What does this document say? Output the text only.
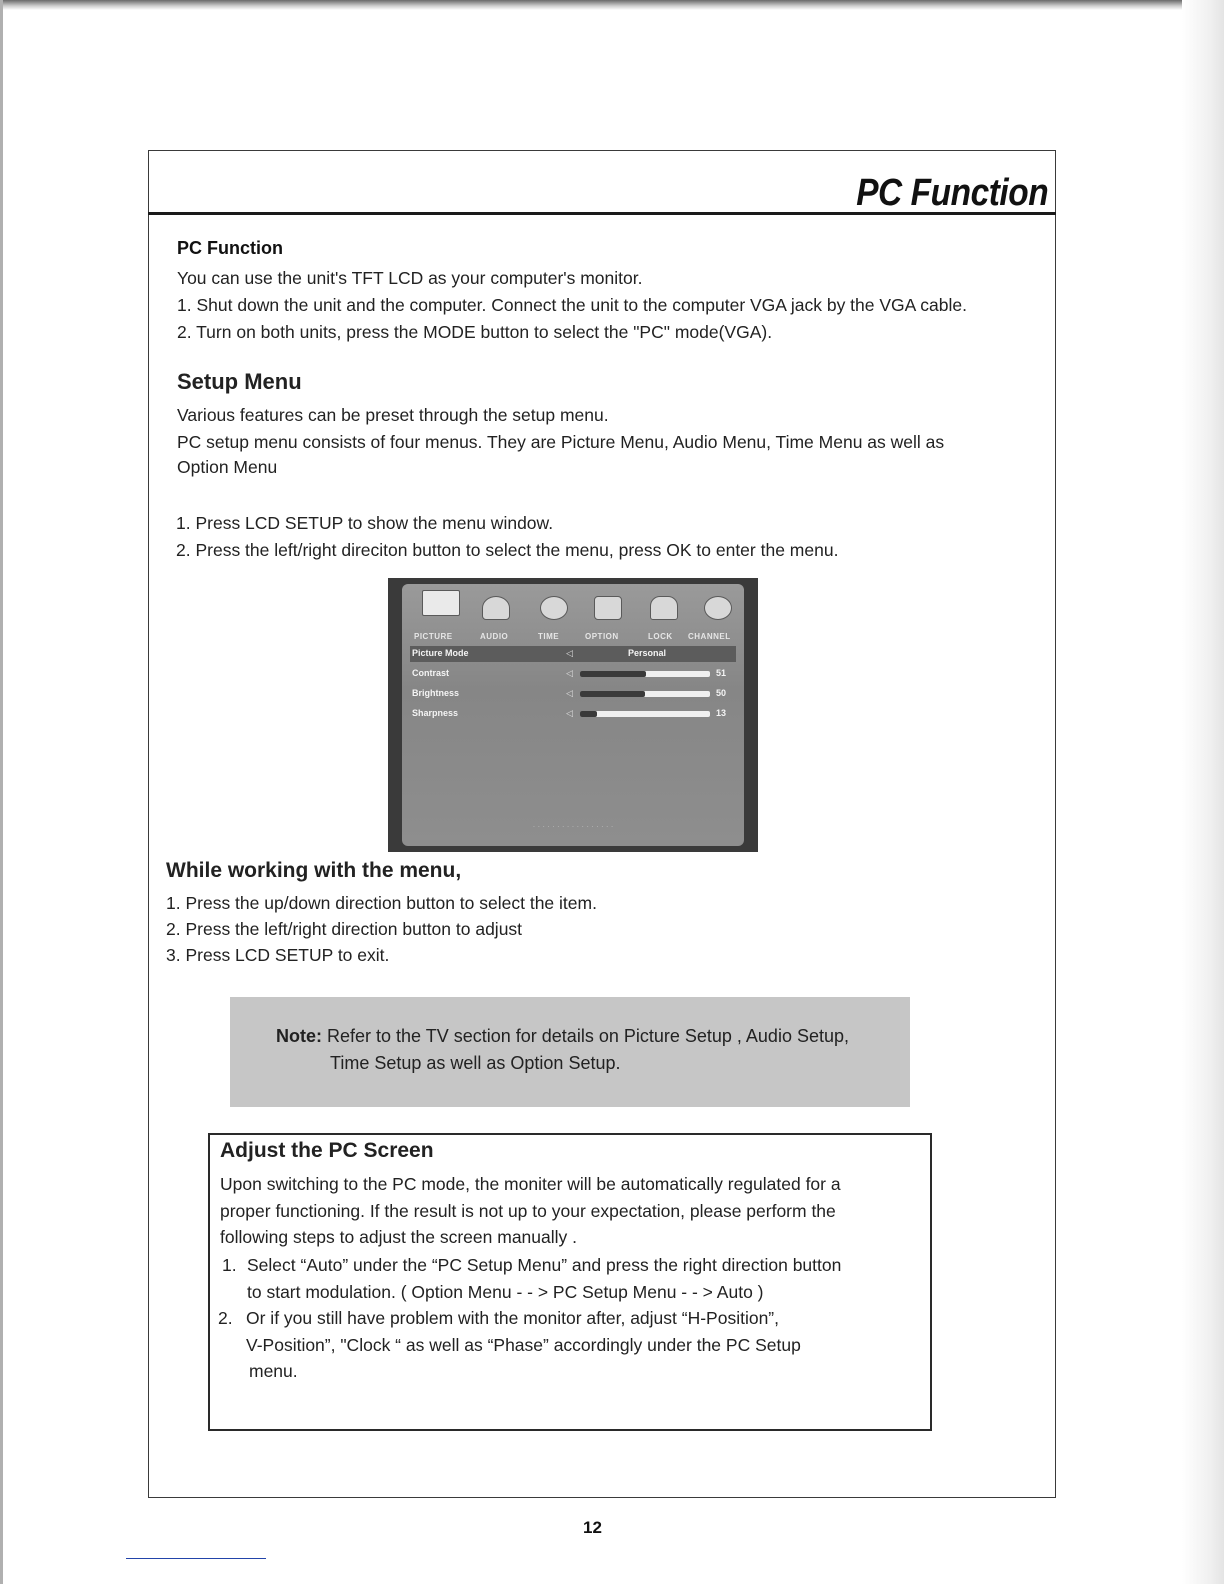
PC Function
PC Function
You can use the unit's TFT LCD as your computer's monitor.
1. Shut down the unit and the computer. Connect the unit to the computer VGA jack by the VGA cable.
2. Turn on both units, press the MODE button to select the "PC" mode(VGA).
Setup Menu
Various features can be preset through the setup menu.
PC setup menu consists of four menus. They are Picture Menu, Audio Menu, Time Menu as well as
Option Menu
1. Press LCD SETUP to show the menu window.
2. Press the left/right direciton button to select the menu, press OK to enter the menu.
PICTURE	AUDIO	TIME	OPTION	LOCK CHANNEL
Picture Mode	◁	Personal
Contrast	◁	51
Brightness	◁	50
Sharpness	◁	13
· · · · · · · · · · · · · · · · ·
While working with the menu,
1. Press the up/down direction button to select the item.
2. Press the left/right direction button to adjust
3. Press LCD SETUP to exit.
Note: Refer to the TV section for details on Picture Setup , Audio Setup,
Time Setup as well as Option Setup.
Adjust the PC Screen
Upon switching to the PC mode, the moniter will be automatically regulated for a
proper functioning. If the result is not up to your expectation, please perform the
following steps to adjust the screen manually .
1. Select “Auto” under the “PC Setup Menu” and press the right direction button
to start modulation. ( Option Menu - - > PC Setup Menu - - > Auto )
2. Or if you still have problem with the monitor after, adjust “H-Position”,
V-Position”, "Clock “ as well as “Phase” accordingly under the PC Setup
menu.
12
